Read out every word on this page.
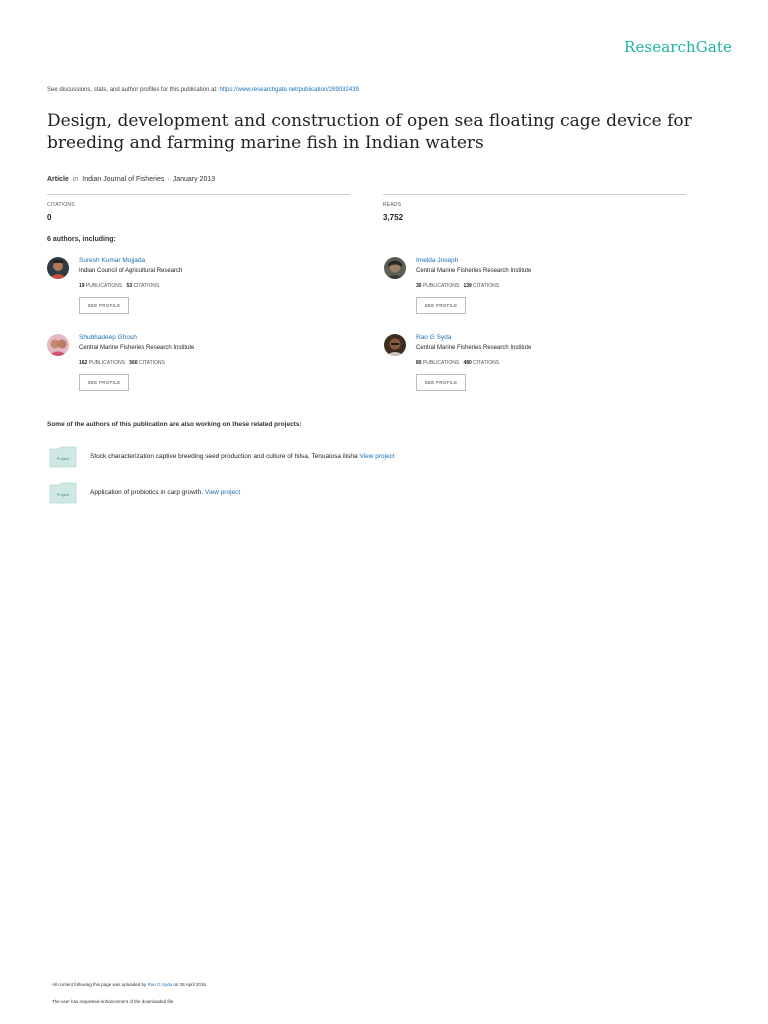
ResearchGate
See discussions, stats, and author profiles for this publication at: https://www.researchgate.net/publication/289032439
Design, development and construction of open sea floating cage device for breeding and farming marine fish in Indian waters
Article in Indian Journal of Fisheries · January 2013
CITATIONS
0
READS
3,752
6 authors, including:
Suresh Kumar Mojjada
Indian Council of Agricultural Research
19 PUBLICATIONS 53 CITATIONS
SEE PROFILE
Imelda Joseph
Central Marine Fisheries Research Institute
36 PUBLICATIONS 139 CITATIONS
SEE PROFILE
Shubhadeep Ghosh
Central Marine Fisheries Research Institute
162 PUBLICATIONS 560 CITATIONS
SEE PROFILE
Rao G Syda
Central Marine Fisheries Research Institute
80 PUBLICATIONS 480 CITATIONS
SEE PROFILE
Some of the authors of this publication are also working on these related projects:
Project	Stock characterization captive breeding seed production and culture of hilsa, Tenualosa ilisha View project
Project	Application of probiotics in carp growth. View project
All content following this page was uploaded by Rao G Syda on 28 April 2016.
The user has requested enhancement of the downloaded file.
